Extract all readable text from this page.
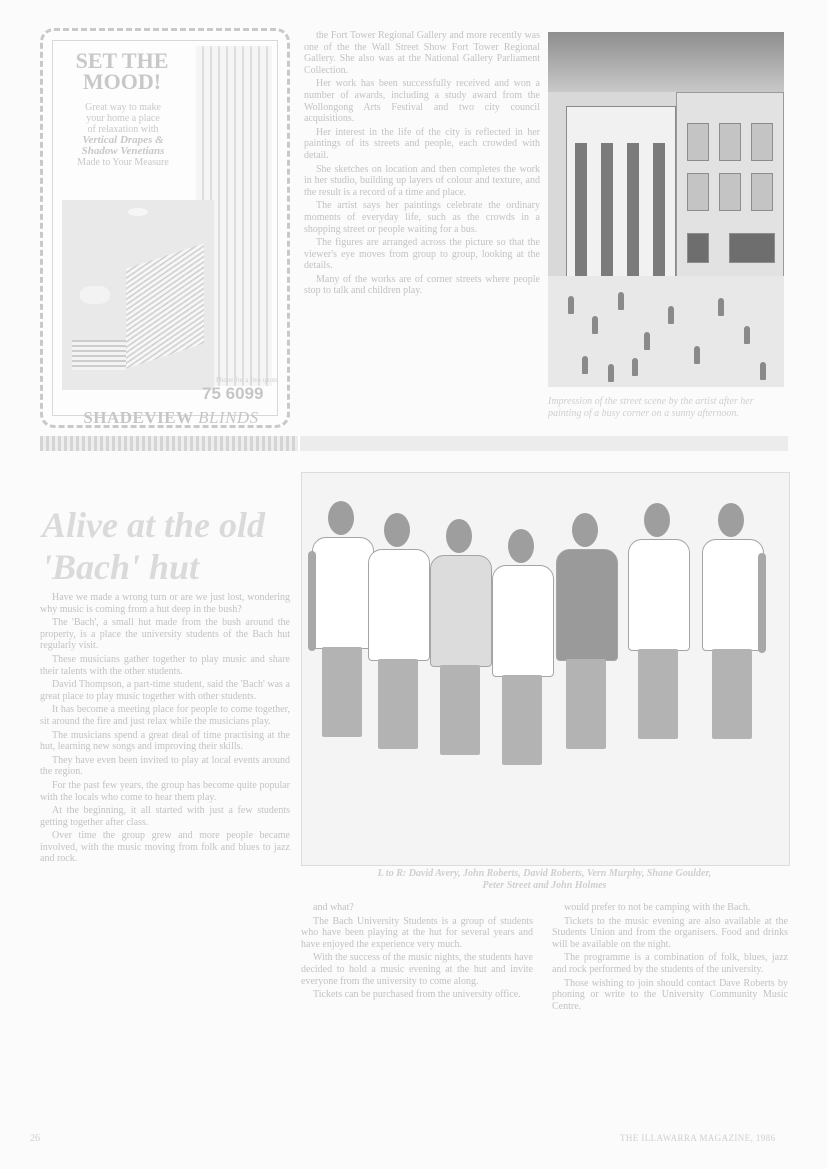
SET THE MOOD!
Great way to make
your home a place
of relaxation with
Vertical Drapes &
Shadow Venetians
Made to Your Measure
Phone for a free quote
75 6099
SHADEVIEW BLINDS

the Fort Tower Regional Gallery and more recently was one of the the Wall Street Show Fort Tower Regional Gallery. She also was at the National Gallery Parliament Collection.

Her work has been successfully received and won a number of awards, including a study award from the Wollongong Arts Festival and two city council acquisitions.

Her interest in the life of the city is reflected in her paintings of its streets and people, each crowded with detail.

She sketches on location and then completes the work in her studio, building up layers of colour and texture, and the result is a record of a time and place.

The artist says her paintings celebrate the ordinary moments of everyday life, such as the crowds in a shopping street or people waiting for a bus.

The figures are arranged across the picture so that the viewer's eye moves from group to group, looking at the details.

Many of the works are of corner streets where people stop to talk and children play.

Impression of the street scene by the artist after her painting of a busy corner on a sunny afternoon.
Alive at the old 'Bach' hut

Have we made a wrong turn or are we just lost, wondering why music is coming from a hut deep in the bush?

The 'Bach', a small hut made from the bush around the property, is a place the university students of the Bach hut regularly visit.

These musicians gather together to play music and share their talents with the other students.

David Thompson, a part-time student, said the 'Bach' was a great place to play music together with other students.

It has become a meeting place for people to come together, sit around the fire and just relax while the musicians play.

The musicians spend a great deal of time practising at the hut, learning new songs and improving their skills.

They have even been invited to play at local events around the region.

For the past few years, the group has become quite popular with the locals who come to hear them play.

At the beginning, it all started with just a few students getting together after class.

Over time the group grew and more people became involved, with the music moving from folk and blues to jazz and rock.

L to R: David Avery, John Roberts, David Roberts, Vern Murphy, Shane Goulder,
Peter Street and John Holmes

and what?

The Bach University Students is a group of students who have been playing at the hut for several years and have enjoyed the experience very much.

With the success of the music nights, the students have decided to hold a music evening at the hut and invite everyone from the university to come along.

Tickets can be purchased from the university office.

would prefer to not be camping with the Bach.

Tickets to the music evening are also available at the Students Union and from the organisers. Food and drinks will be available on the night.

The programme is a combination of folk, blues, jazz and rock performed by the students of the university.

Those wishing to join should contact Dave Roberts by phoning or write to the University Community Music Centre.

26	THE ILLAWARRA MAGAZINE, 1986
